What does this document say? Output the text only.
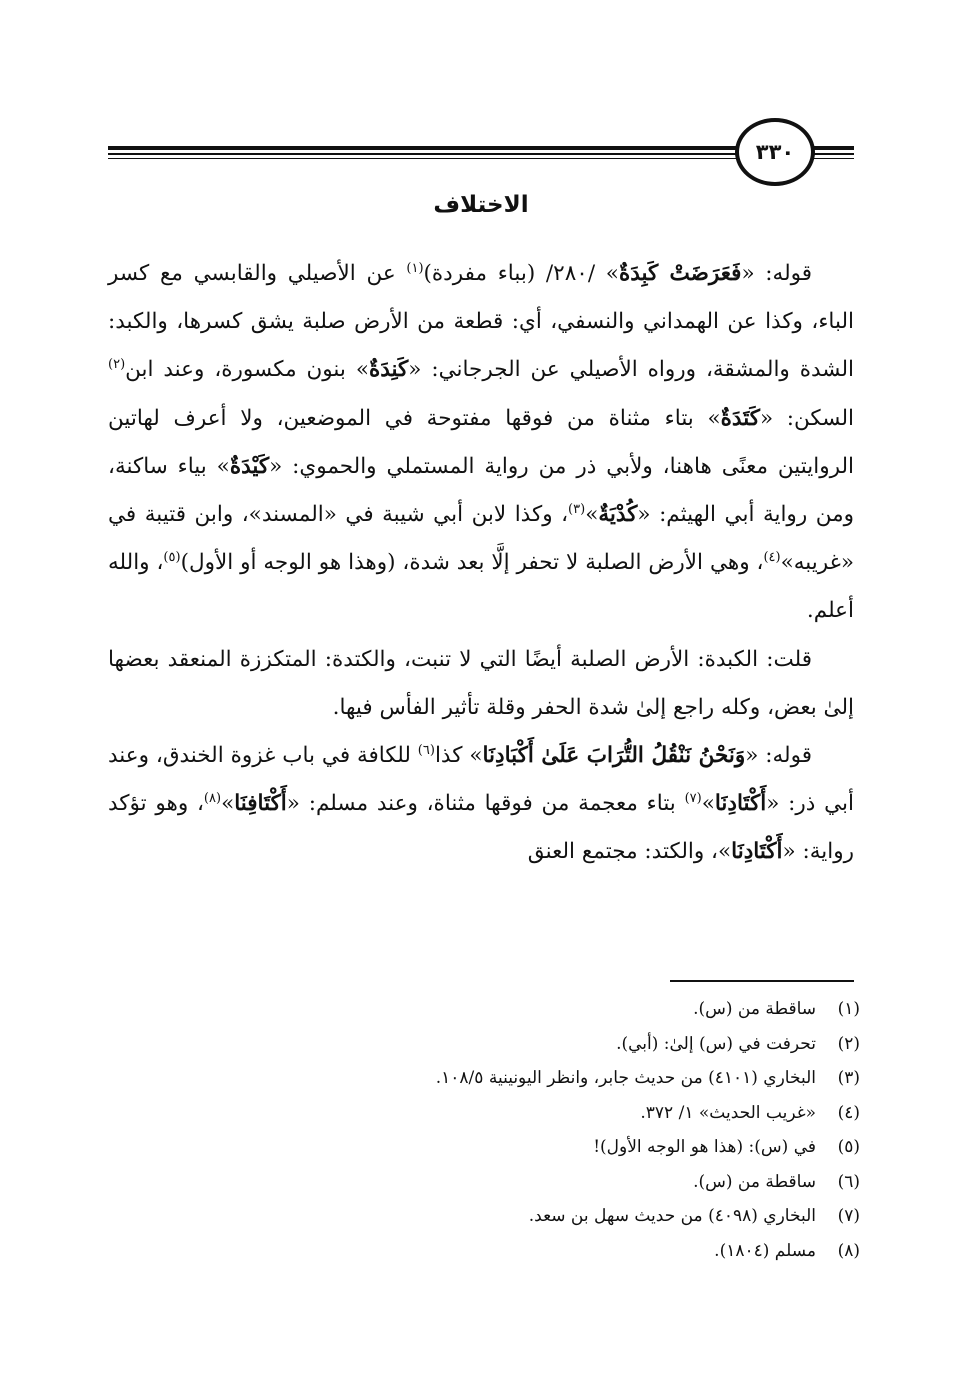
٣٣٠
الاختلاف

قوله: «فَعَرَضَتْ كَبِدَةٌ» /٢٨٠/ (بباء مفردة)$^{(١)}$ عن الأصيلي والقابسي مع كسر الباء، وكذا عن الهمداني والنسفي، أي: قطعة من الأرض صلبة يشق كسرها، والكبد: الشدة والمشقة، ورواه الأصيلي عن الجرجاني: «كَنِدَةٌ» بنون مكسورة، وعند ابن$^{(٢)}$ السكن: «كَتَدَةٌ» بتاء مثناة من فوقها مفتوحة في الموضعين، ولا أعرف لهاتين الروايتين معنًى هاهنا، ولأبي ذر من رواية المستملي والحموي: «كَيْدَةٌ» بياء ساكنة، ومن رواية أبي الهيثم: «كُدْيَةٌ»$^{(٣)}$، وكذا لابن أبي شيبة في «المسند»، وابن قتيبة في «غريبه»$^{(٤)}$، وهي الأرض الصلبة لا تحفر إلَّا بعد شدة، (وهذا هو الوجه أو الأول)$^{(٥)}$، والله أعلم.

قلت: الكبدة: الأرض الصلبة أيضًا التي لا تنبت، والكتدة: المتكززة المنعقد بعضها إلىٰ بعض، وكله راجع إلىٰ شدة الحفر وقلة تأثير الفأس فيها.

قوله: «وَنَحْنُ نَنْقُلُ التُّرَابَ عَلَىٰ أَكْبَادِنَا» كذا$^{(٦)}$ للكافة في باب غزوة الخندق، وعند أبي ذر: «أَكْتَادِنَا»$^{(٧)}$ بتاء معجمة من فوقها مثناة، وعند مسلم: «أَكْتَافِنَا»$^{(٨)}$، وهو تؤكد رواية: «أَكْتَادِنَا»، والكتد: مجتمع العنق

(١)
ساقطة من (س).
(٢)
تحرفت في (س) إلىٰ: (أبي).
(٣)
البخاري (٤١٠١) من حديث جابر، وانظر اليونينية ١٠٨/٥.
(٤)
«غريب الحديث» ١/ ٣٧٢.
(٥)
في (س): (هذا هو الوجه الأول)!
(٦)
ساقطة من (س).
(٧)
البخاري (٤٠٩٨) من حديث سهل بن سعد.
(٨)
مسلم (١٨٠٤).
